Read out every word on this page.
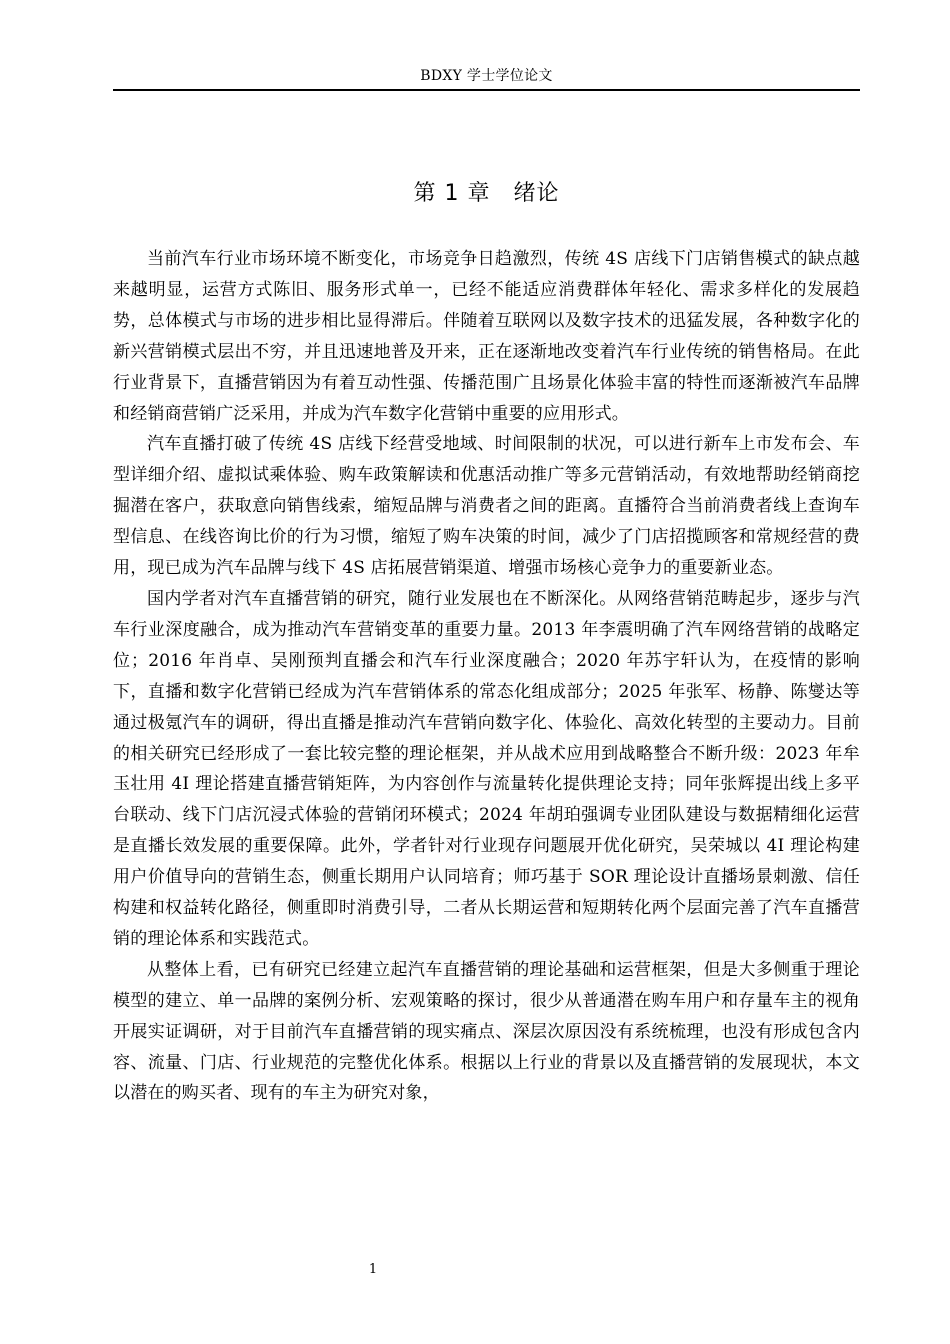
BDXY 学士学位论文
第 1 章　绪论

当前汽车行业市场环境不断变化，市场竞争日趋激烈，传统 4S 店线下门店销售模式的缺点越来越明显，运营方式陈旧、服务形式单一，已经不能适应消费群体年轻化、需求多样化的发展趋势，总体模式与市场的进步相比显得滞后。伴随着互联网以及数字技术的迅猛发展，各种数字化的新兴营销模式层出不穷，并且迅速地普及开来，正在逐渐地改变着汽车行业传统的销售格局。在此行业背景下，直播营销因为有着互动性强、传播范围广且场景化体验丰富的特性而逐渐被汽车品牌和经销商营销广泛采用，并成为汽车数字化营销中重要的应用形式。

汽车直播打破了传统 4S 店线下经营受地域、时间限制的状况，可以进行新车上市发布会、车型详细介绍、虚拟试乘体验、购车政策解读和优惠活动推广等多元营销活动，有效地帮助经销商挖掘潜在客户，获取意向销售线索，缩短品牌与消费者之间的距离。直播符合当前消费者线上查询车型信息、在线咨询比价的行为习惯，缩短了购车决策的时间，减少了门店招揽顾客和常规经营的费用，现已成为汽车品牌与线下 4S 店拓展营销渠道、增强市场核心竞争力的重要新业态。

国内学者对汽车直播营销的研究，随行业发展也在不断深化。从网络营销范畴起步，逐步与汽车行业深度融合，成为推动汽车营销变革的重要力量。2013 年李震明确了汽车网络营销的战略定位；2016 年肖卓、吴刚预判直播会和汽车行业深度融合；2020 年苏宇轩认为，在疫情的影响下，直播和数字化营销已经成为汽车营销体系的常态化组成部分；2025 年张军、杨静、陈燮达等通过极氪汽车的调研，得出直播是推动汽车营销向数字化、体验化、高效化转型的主要动力。目前的相关研究已经形成了一套比较完整的理论框架，并从战术应用到战略整合不断升级：2023 年牟玉壮用 4I 理论搭建直播营销矩阵，为内容创作与流量转化提供理论支持；同年张辉提出线上多平台联动、线下门店沉浸式体验的营销闭环模式；2024 年胡珀强调专业团队建设与数据精细化运营是直播长效发展的重要保障。此外，学者针对行业现存问题展开优化研究，吴荣城以 4I 理论构建用户价值导向的营销生态，侧重长期用户认同培育；师巧基于 SOR 理论设计直播场景刺激、信任构建和权益转化路径，侧重即时消费引导，二者从长期运营和短期转化两个层面完善了汽车直播营销的理论体系和实践范式。

从整体上看，已有研究已经建立起汽车直播营销的理论基础和运营框架，但是大多侧重于理论模型的建立、单一品牌的案例分析、宏观策略的探讨，很少从普通潜在购车用户和存量车主的视角开展实证调研，对于目前汽车直播营销的现实痛点、深层次原因没有系统梳理，也没有形成包含内容、流量、门店、行业规范的完整优化体系。根据以上行业的背景以及直播营销的发展现状，本文以潜在的购买者、现有的车主为研究对象，

1
